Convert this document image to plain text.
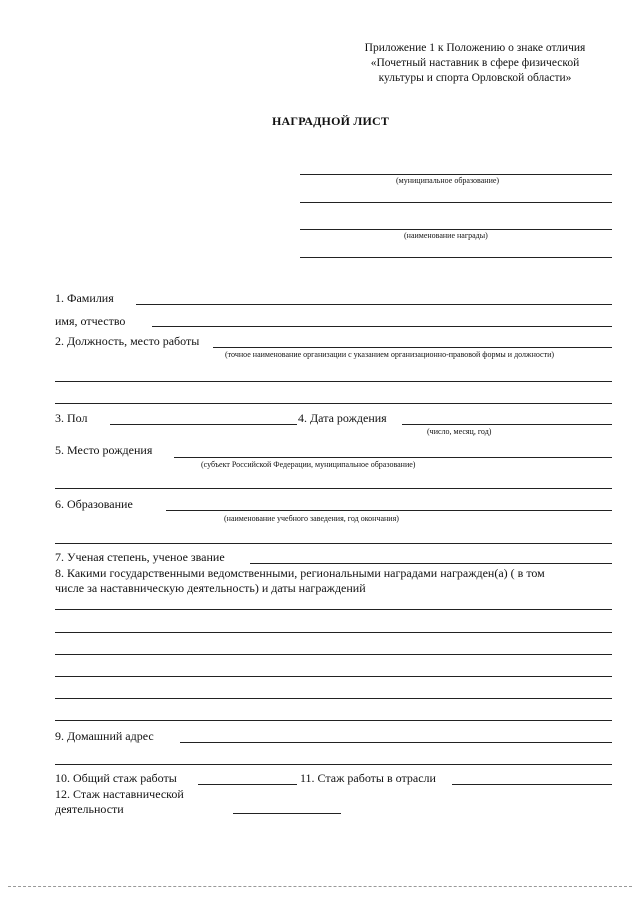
Приложение 1 к Положению о знаке отличия
«Почетный наставник в сфере физической
культуры и спорта Орловской области»
НАГРАДНОЙ ЛИСТ
(муниципальное образование)
(наименование награды)
1. Фамилия
имя, отчество
2. Должность, место работы
(точное наименование организации с указанием организационно-правовой формы и должности)
3. Пол	4. Дата рождения
(число, месяц, год)
5. Место рождения
(субъект Российской Федерации, муниципальное образование)
6. Образование
(наименование учебного заведения, год окончания)
7. Ученая степень, ученое звание
8. Какими государственными ведомственными, региональными наградами награжден(а) ( в том
числе за наставническую деятельность) и даты награждений
9. Домашний адрес
10. Общий стаж работы	11. Стаж работы в отрасли
12. Стаж наставнической
деятельности
